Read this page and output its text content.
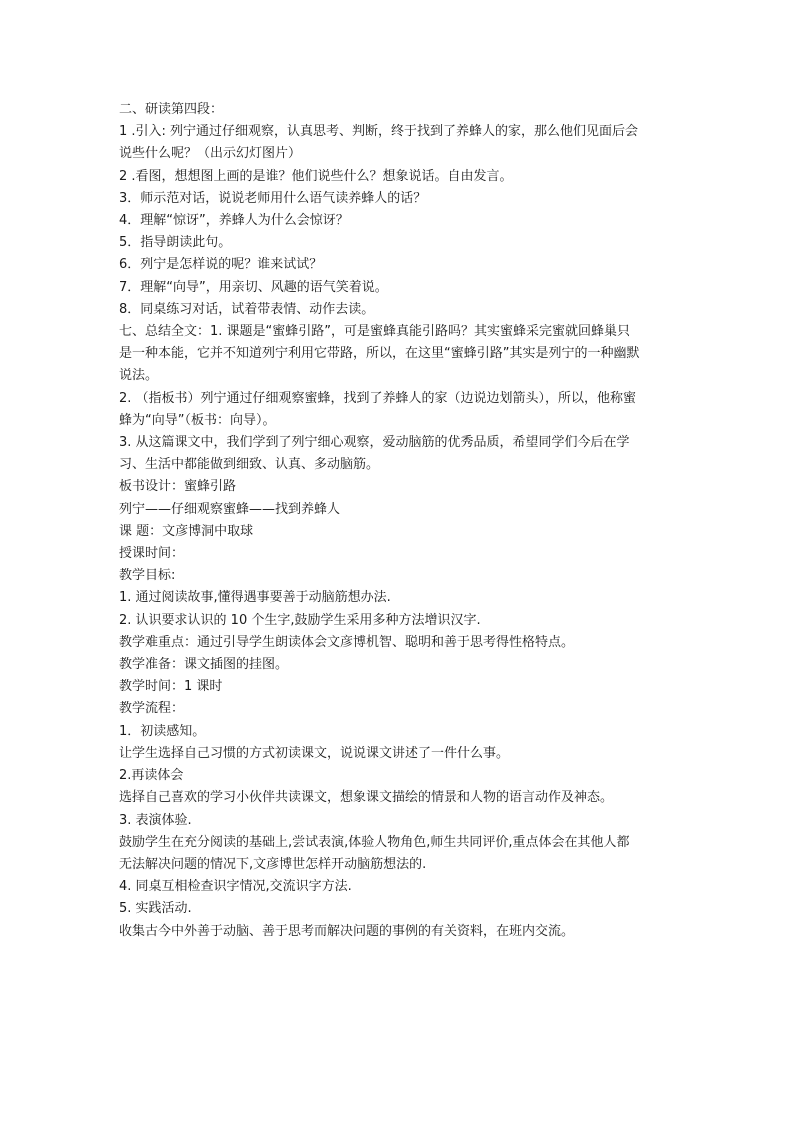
二、研读第四段：
1 .引入: 列宁通过仔细观察，认真思考、判断，终于找到了养蜂人的家，那么他们见面后会
说些什么呢？（出示幻灯图片）
2 .看图，想想图上画的是谁？他们说些什么？想象说话。自由发言。
3．师示范对话，说说老师用什么语气读养蜂人的话？
4．理解“惊讶”，养蜂人为什么会惊讶？
5．指导朗读此句。
6．列宁是怎样说的呢？谁来试试？
7．理解“向导”，用亲切、风趣的语气笑着说。
8．同桌练习对话，试着带表情、动作去读。
七、总结全文：1. 课题是“蜜蜂引路”，可是蜜蜂真能引路吗？其实蜜蜂采完蜜就回蜂巢只
是一种本能，它并不知道列宁利用它带路，所以，在这里“蜜蜂引路”其实是列宁的一种幽默
说法。
2. （指板书）列宁通过仔细观察蜜蜂，找到了养蜂人的家（边说边划箭头），所以，他称蜜
蜂为“向导”（板书：向导）。
3. 从这篇课文中，我们学到了列宁细心观察，爱动脑筋的优秀品质，希望同学们今后在学
习、生活中都能做到细致、认真、多动脑筋。
板书设计：蜜蜂引路
列宁——仔细观察蜜蜂——找到养蜂人
课 题：文彦博洞中取球
授课时间：
教学目标:
1. 通过阅读故事,懂得遇事要善于动脑筋想办法.
2. 认识要求认识的 10 个生字,鼓励学生采用多种方法增识汉字.
教学难重点：通过引导学生朗读体会文彦博机智、聪明和善于思考得性格特点。
教学准备：课文插图的挂图。
教学时间：1 课时
教学流程：
1．初读感知。
让学生选择自己习惯的方式初读课文，说说课文讲述了一件什么事。
2.再读体会
选择自己喜欢的学习小伙伴共读课文，想象课文描绘的情景和人物的语言动作及神态。
3. 表演体验.
鼓励学生在充分阅读的基础上,尝试表演,体验人物角色,师生共同评价,重点体会在其他人都
无法解决问题的情况下,文彦博世怎样开动脑筋想法的.
4. 同桌互相检查识字情况,交流识字方法.
5. 实践活动.
收集古今中外善于动脑、善于思考而解决问题的事例的有关资料，在班内交流。
